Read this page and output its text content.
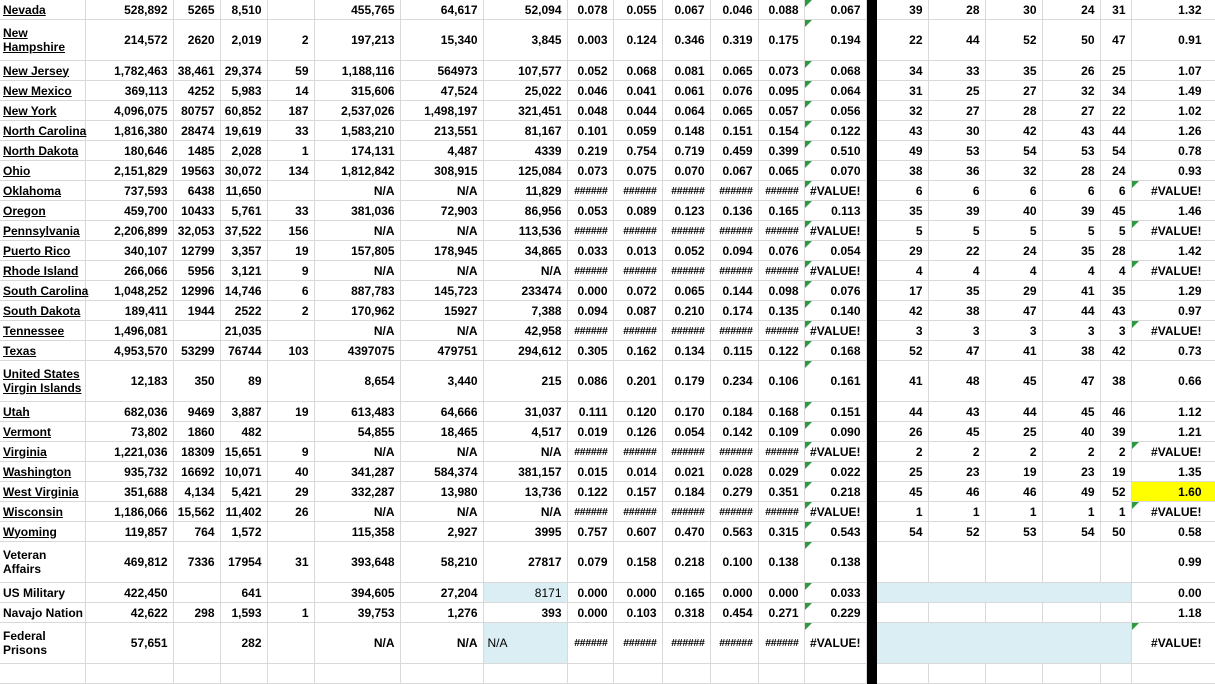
Nevada	528,892	5265	8,510		455,765	64,617	52,094	0.078	0.055	0.067	0.046	0.088	0.067		39	28	30	24	31	1.32
New
Hampshire	214,572	2620	2,019	2	197,213	15,340	3,845	0.003	0.124	0.346	0.319	0.175	0.194		22	44	52	50	47	0.91
New Jersey	1,782,463	38,461	29,374	59	1,188,116	564973	107,577	0.052	0.068	0.081	0.065	0.073	0.068		34	33	35	26	25	1.07
New Mexico	369,113	4252	5,983	14	315,606	47,524	25,022	0.046	0.041	0.061	0.076	0.095	0.064		31	25	27	32	34	1.49
New York	4,096,075	80757	60,852	187	2,537,026	1,498,197	321,451	0.048	0.044	0.064	0.065	0.057	0.056		32	27	28	27	22	1.02
North Carolina	1,816,380	28474	19,619	33	1,583,210	213,551	81,167	0.101	0.059	0.148	0.151	0.154	0.122		43	30	42	43	44	1.26
North Dakota	180,646	1485	2,028	1	174,131	4,487	4339	0.219	0.754	0.719	0.459	0.399	0.510		49	53	54	53	54	0.78
Ohio	2,151,829	19563	30,072	134	1,812,842	308,915	125,084	0.073	0.075	0.070	0.067	0.065	0.070		38	36	32	28	24	0.93
Oklahoma	737,593	6438	11,650		N/A	N/A	11,829	######	######	######	######	######	#VALUE!		6	6	6	6	6	#VALUE!

Oregon	459,700	10433	5,761	33	381,036	72,903	86,956	0.053	0.089	0.123	0.136	0.165	0.113		35	39	40	39	45	1.46
Pennsylvania	2,206,899	32,053	37,522	156	N/A	N/A	113,536	######	######	######	######	######	#VALUE!		5	5	5	5	5	#VALUE!

Puerto Rico	340,107	12799	3,357	19	157,805	178,945	34,865	0.033	0.013	0.052	0.094	0.076	0.054		29	22	24	35	28	1.42
Rhode Island	266,066	5956	3,121	9	N/A	N/A	N/A	######	######	######	######	######	#VALUE!		4	4	4	4	4	#VALUE!

South Carolina	1,048,252	12996	14,746	6	887,783	145,723	233474	0.000	0.072	0.065	0.144	0.098	0.076		17	35	29	41	35	1.29
South Dakota	189,411	1944	2522	2	170,962	15927	7,388	0.094	0.087	0.210	0.174	0.135	0.140		42	38	47	44	43	0.97
Tennessee	1,496,081		21,035		N/A	N/A	42,958	######	######	######	######	######	#VALUE!		3	3	3	3	3	#VALUE!

Texas	4,953,570	53299	76744	103	4397075	479751	294,612	0.305	0.162	0.134	0.115	0.122	0.168		52	47	41	38	42	0.73
United States
Virgin Islands	12,183	350	89		8,654	3,440	215	0.086	0.201	0.179	0.234	0.106	0.161		41	48	45	47	38	0.66
Utah	682,036	9469	3,887	19	613,483	64,666	31,037	0.111	0.120	0.170	0.184	0.168	0.151		44	43	44	45	46	1.12
Vermont	73,802	1860	482		54,855	18,465	4,517	0.019	0.126	0.054	0.142	0.109	0.090		26	45	25	40	39	1.21
Virginia	1,221,036	18309	15,651	9	N/A	N/A	N/A	######	######	######	######	######	#VALUE!		2	2	2	2	2	#VALUE!

Washington	935,732	16692	10,071	40	341,287	584,374	381,157	0.015	0.014	0.021	0.028	0.029	0.022		25	23	19	23	19	1.35
West Virginia	351,688	4,134	5,421	29	332,287	13,980	13,736	0.122	0.157	0.184	0.279	0.351	0.218		45	46	46	49	52	1.60
Wisconsin	1,186,066	15,562	11,402	26	N/A	N/A	N/A	######	######	######	######	######	#VALUE!		1	1	1	1	1	#VALUE!

Wyoming	119,857	764	1,572		115,358	2,927	3995	0.757	0.607	0.470	0.563	0.315	0.543		54	52	53	54	50	0.58
Veteran
Affairs	469,812	7336	17954	31	393,648	58,210	27817	0.079	0.158	0.218	0.100	0.138	0.138							0.99
US Military	422,450		641		394,605	27,204	8171	0.000	0.000	0.165	0.000	0.000	0.033							0.00
Navajo Nation	42,622	298	1,593	1	39,753	1,276	393	0.000	0.103	0.318	0.454	0.271	0.229							1.18
Federal
Prisons	57,651		282		N/A	N/A	N/A	######	######	######	######	######	#VALUE!							#VALUE!
